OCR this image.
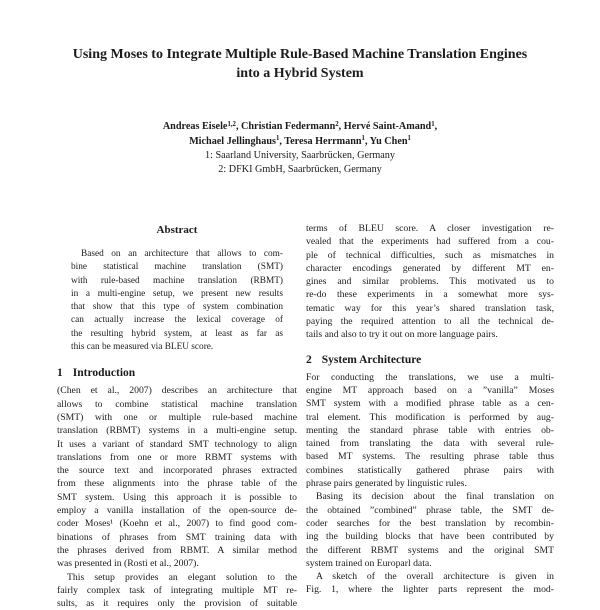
Using Moses to Integrate Multiple Rule-Based Machine Translation Engines
into a Hybrid System
Andreas Eisele$^{1,2}$, Christian Federmann$^2$, Hervé Saint-Amand$^1$,
Michael Jellinghaus$^1$, Teresa Herrmann$^1$, Yu Chen$^1$
1: Saarland University, Saarbrücken, Germany
2: DFKI GmbH, Saarbrücken, Germany
Abstract
Based on an architecture that allows to com-
bine statistical machine translation (SMT)
with rule-based machine translation (RBMT)
in a multi-engine setup, we present new results
that show that this type of system combination
can actually increase the lexical coverage of
the resulting hybrid system, at least as far as
this can be measured via BLEU score.
1 Introduction
(Chen et al., 2007) describes an architecture that
allows to combine statistical machine translation
(SMT) with one or multiple rule-based machine
translation (RBMT) systems in a multi-engine setup.
It uses a variant of standard SMT technology to align
translations from one or more RBMT systems with
the source text and incorporated phrases extracted
from these alignments into the phrase table of the
SMT system. Using this approach it is possible to
employ a vanilla installation of the open-source de-
coder Moses¹ (Koehn et al., 2007) to find good com-
binations of phrases from SMT training data with
the phrases derived from RBMT. A similar method
was presented in (Rosti et al., 2007).
This setup provides an elegant solution to the
fairly complex task of integrating multiple MT re-
sults, as it requires only the provision of suitable
terms of BLEU score. A closer investigation re-
vealed that the experiments had suffered from a cou-
ple of technical difficulties, such as mismatches in
character encodings generated by different MT en-
gines and similar problems. This motivated us to
re-do these experiments in a somewhat more sys-
tematic way for this year’s shared translation task,
paying the required attention to all the technical de-
tails and also to try it out on more language pairs.
2 System Architecture
For conducting the translations, we use a multi-
engine MT approach based on a ”vanilla” Moses
SMT system with a modified phrase table as a cen-
tral element. This modification is performed by aug-
menting the standard phrase table with entries ob-
tained from translating the data with several rule-
based MT systems. The resulting phrase table thus
combines statistically gathered phrase pairs with
phrase pairs generated by linguistic rules.
Basing its decision about the final translation on
the obtained ”combined” phrase table, the SMT de-
coder searches for the best translation by recombin-
ing the building blocks that have been contributed by
the different RBMT systems and the original SMT
system trained on Europarl data.
A sketch of the overall architecture is given in
Fig. 1, where the lighter parts represent the mod-
